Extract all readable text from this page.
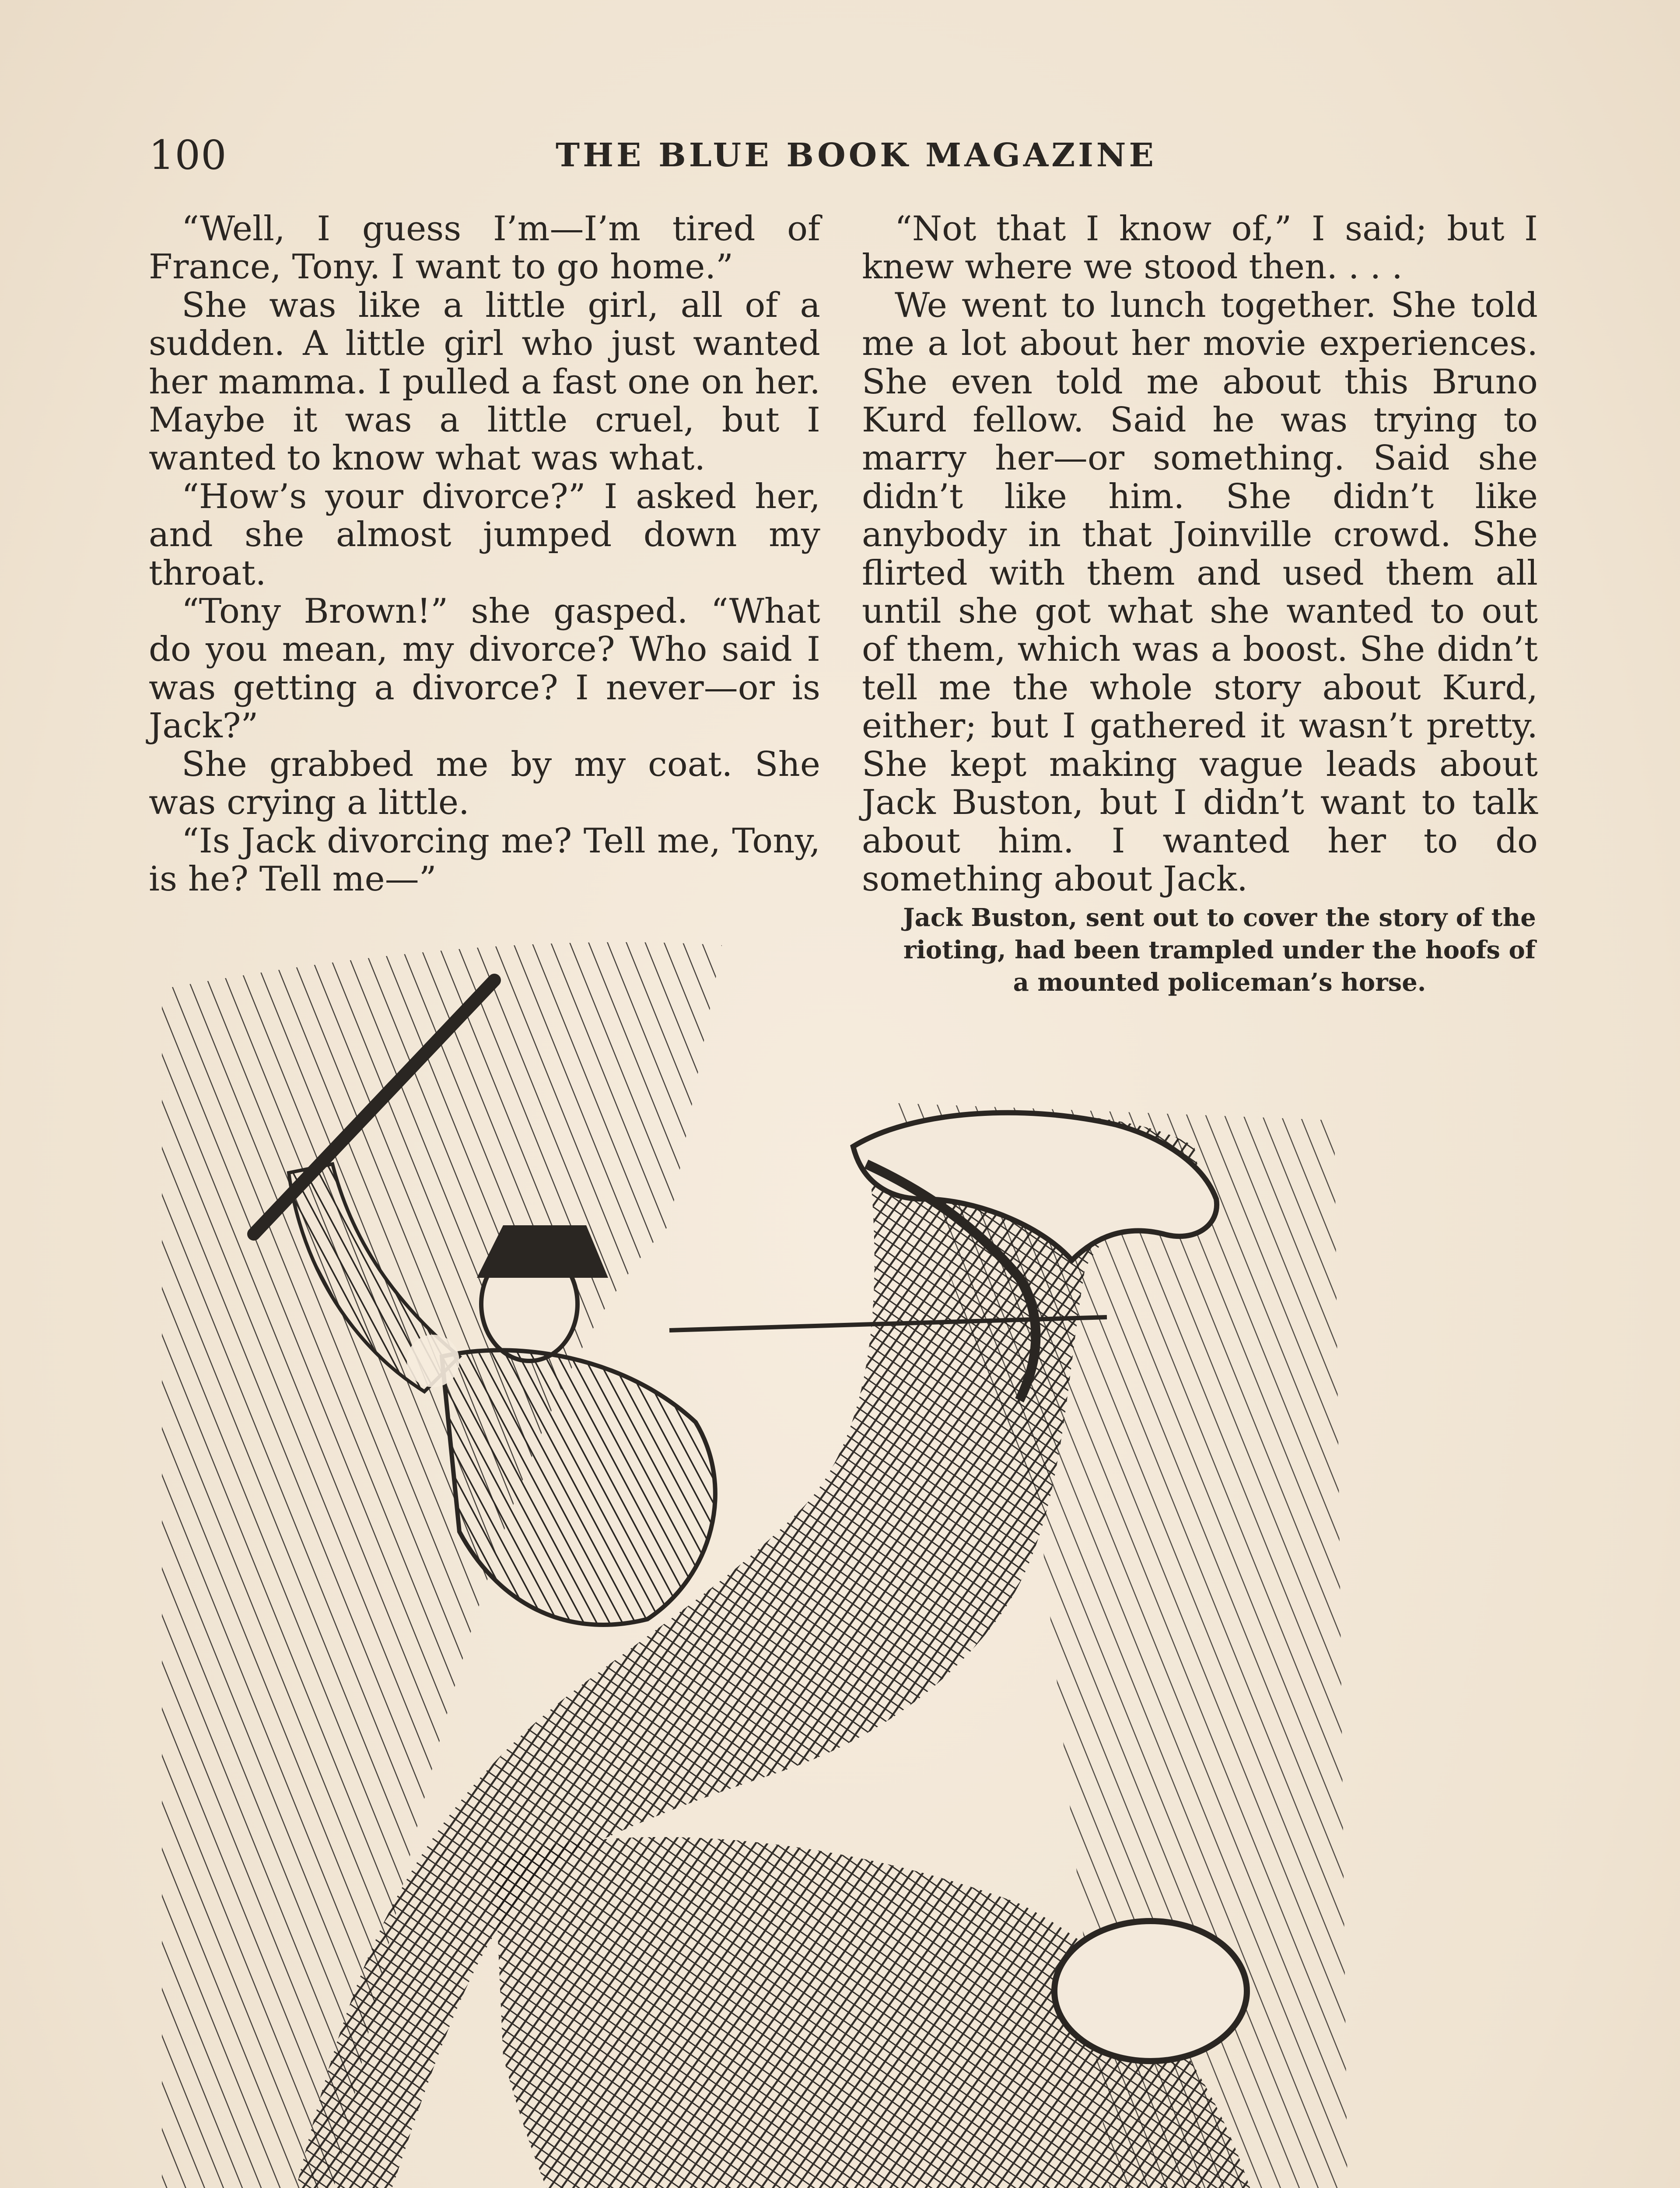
100	THE BLUE BOOK MAGAZINE

“Well, I guess I’m—I’m tired of France, Tony. I want to go home.”

She was like a little girl, all of a sudden. A little girl who just wanted her mamma. I pulled a fast one on her. Maybe it was a little cruel, but I wanted to know what was what.

“How’s your divorce?” I asked her, and she almost jumped down my throat.

“Tony Brown!” she gasped. “What do you mean, my divorce? Who said I was getting a divorce? I never—or is Jack?”

She grabbed me by my coat. She was crying a little.

“Is Jack divorcing me? Tell me, Tony, is he? Tell me—”

“Not that I know of,” I said; but I knew where we stood then. . . .

We went to lunch together. She told me a lot about her movie experiences. She even told me about this Bruno Kurd fellow. Said he was trying to marry her—or something. Said she didn’t like him. She didn’t like anybody in that Joinville crowd. She flirted with them and used them all until she got what she wanted to out of them, which was a boost. She didn’t tell me the whole story about Kurd, either; but I gathered it wasn’t pretty. She kept making vague leads about Jack Buston, but I didn’t want to talk about him. I wanted her to do something about Jack.

Jack Buston, sent out to cover the story of the rioting, had been trampled under the hoofs of a mounted policeman’s horse.
